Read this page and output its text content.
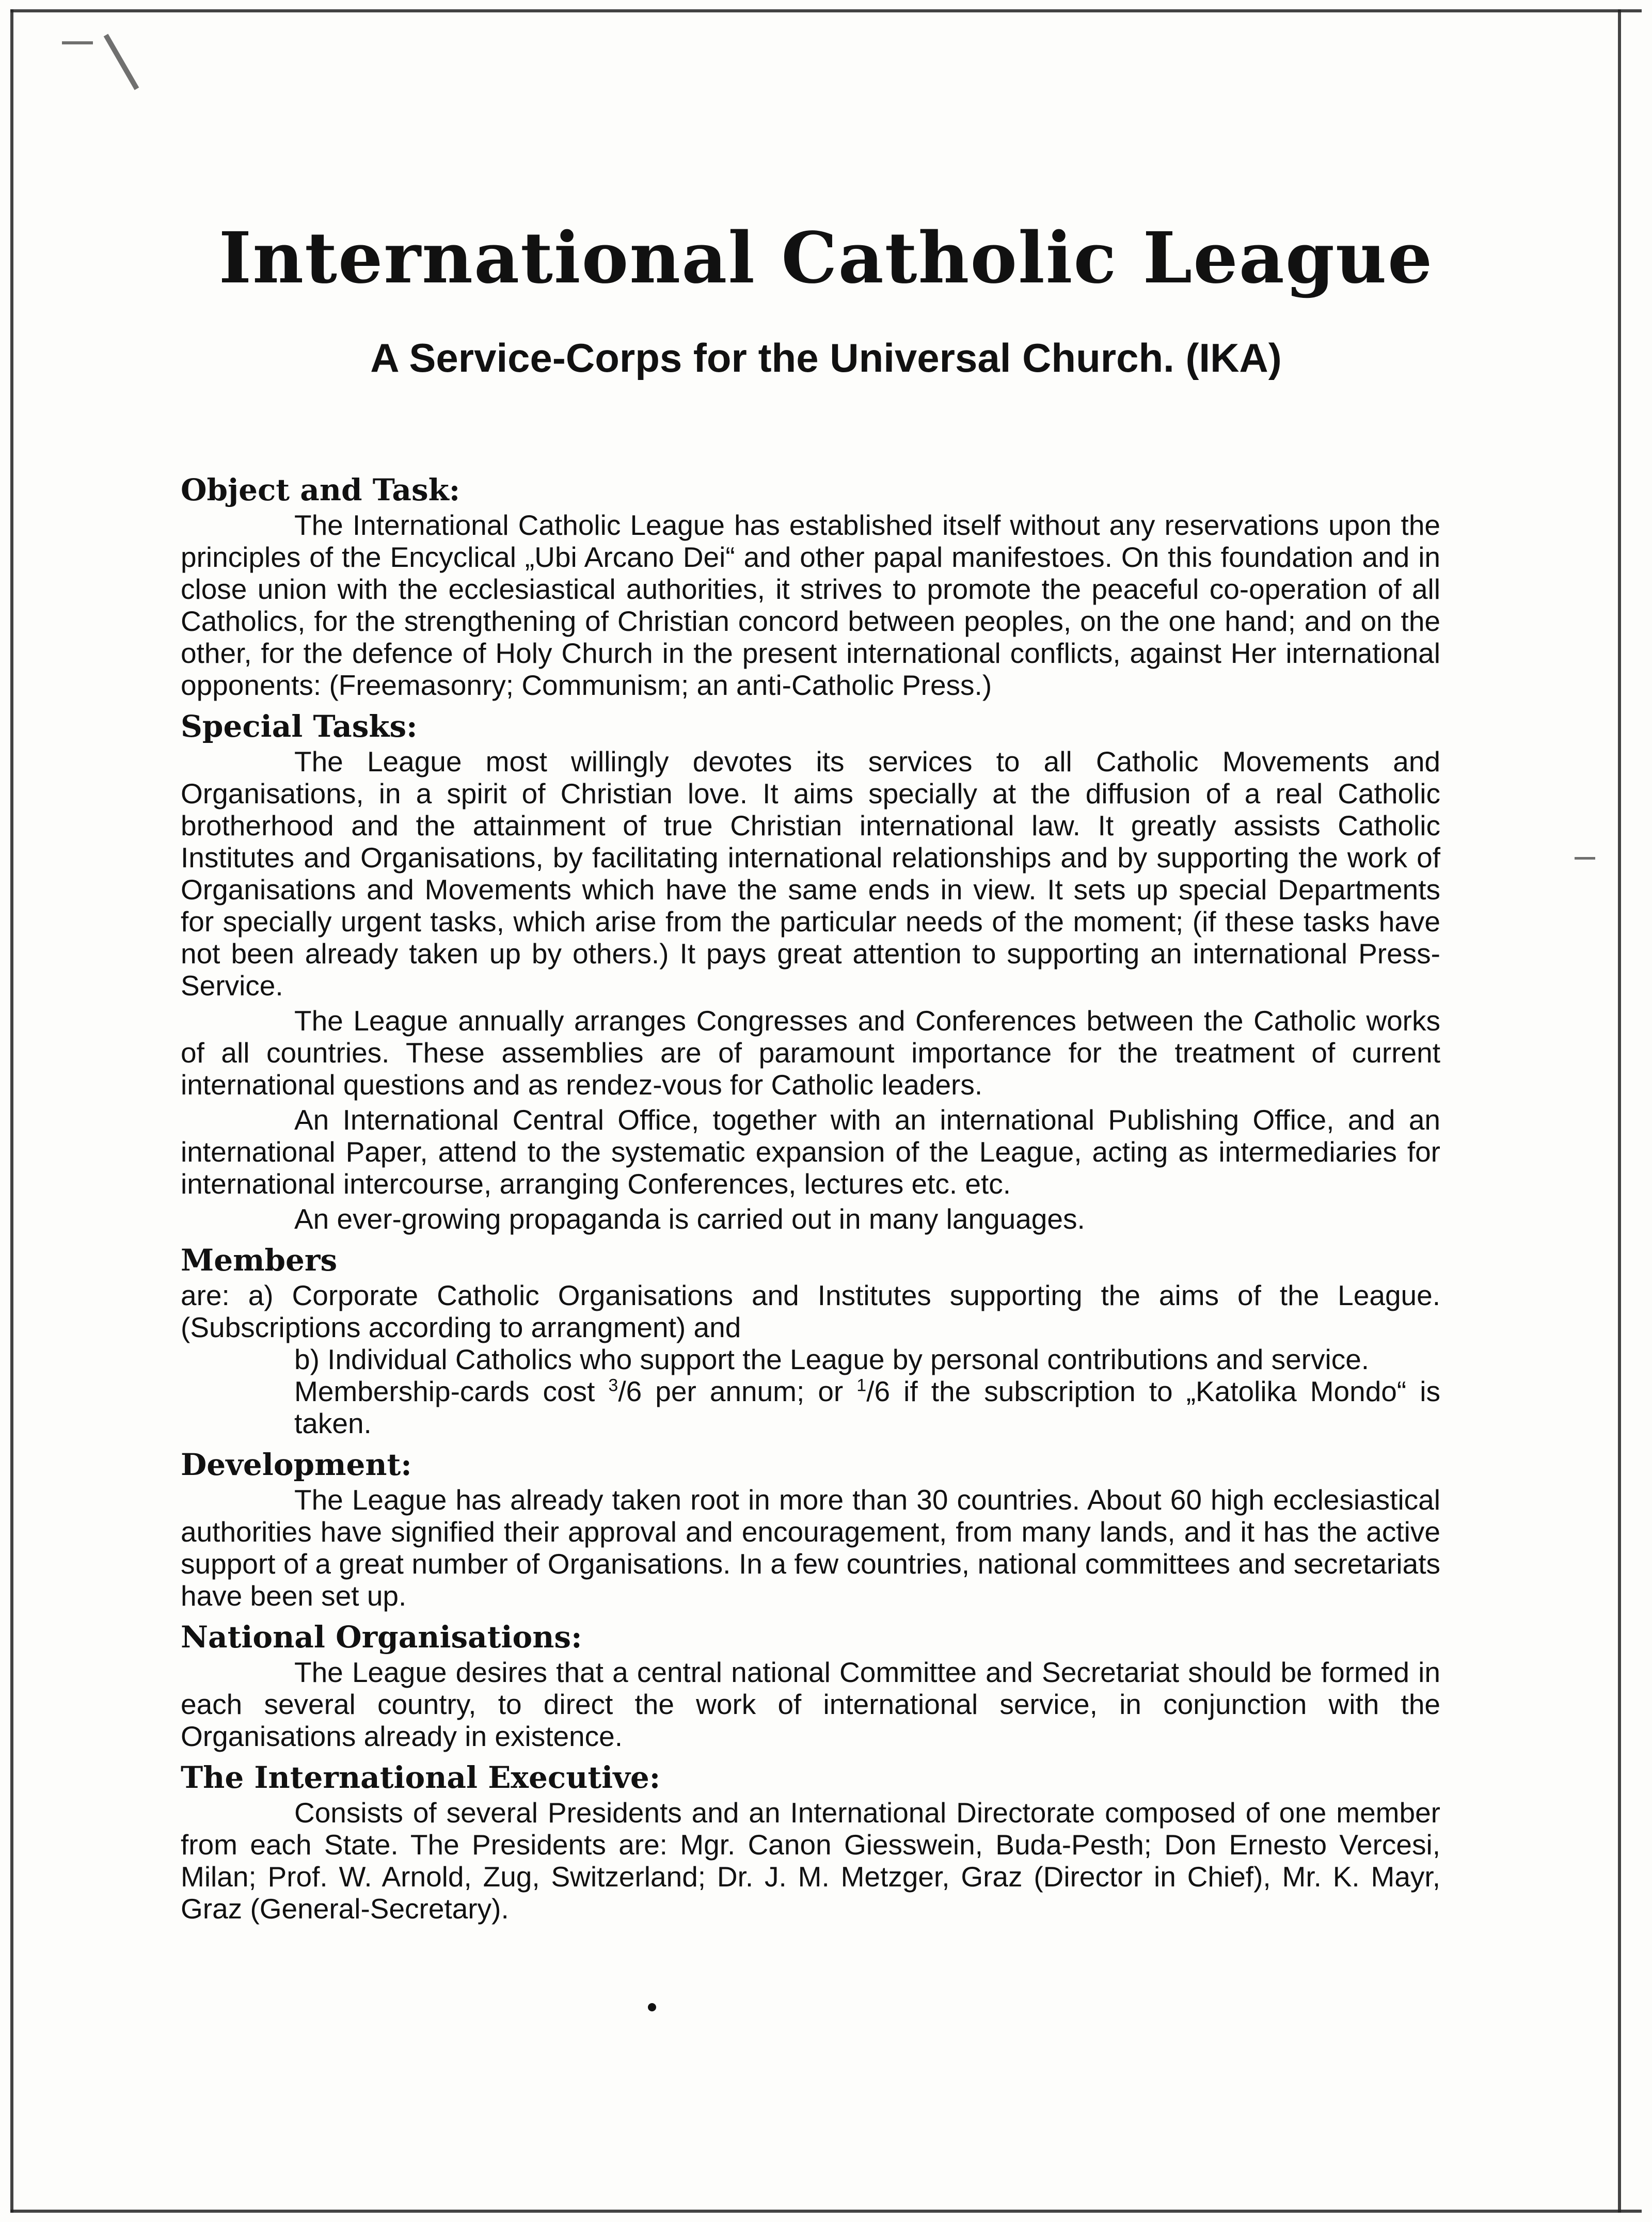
International Catholic League
A Service-Corps for the Universal Church. (IKA)
Object and Task:

The International Catholic League has established itself without any reservations upon the principles of the Encyclical „Ubi Arcano Dei“ and other papal manifestoes. On this foundation and in close union with the ecclesiastical authorities, it strives to promote the peaceful co-operation of all Catholics, for the strengthening of Christian concord between peoples, on the one hand; and on the other, for the defence of Holy Church in the present international conflicts, against Her international opponents: (Freemasonry; Communism; an anti-Catholic Press.)

Special Tasks:

The League most willingly devotes its services to all Catholic Movements and Organisations, in a spirit of Christian love. It aims specially at the diffusion of a real Catholic brotherhood and the attainment of true Christian international law. It greatly assists Catholic Institutes and Organisations, by facilitating international relationships and by supporting the work of Organisations and Movements which have the same ends in view. It sets up special Departments for specially urgent tasks, which arise from the particular needs of the moment; (if these tasks have not been already taken up by others.) It pays great attention to supporting an international Press-Service.

The League annually arranges Congresses and Conferences between the Catholic works of all countries. These assemblies are of paramount importance for the treatment of current international questions and as rendez-vous for Catholic leaders.

An International Central Office, together with an international Publishing Office, and an international Paper, attend to the systematic expansion of the League, acting as intermediaries for international intercourse, arranging Conferences, lectures etc. etc.

An ever-growing propaganda is carried out in many languages.

Members

are: a) Corporate Catholic Organisations and Institutes supporting the aims of the League. (Subscriptions according to arrangment) and

b) Individual Catholics who support the League by personal contributions and service.

Membership-cards cost $^3$/6 per annum; or $^1$/6 if the subscription to „Katolika Mondo“ is taken.

Development:

The League has already taken root in more than 30 countries. About 60 high ecclesiastical authorities have signified their approval and encouragement, from many lands, and it has the active support of a great number of Organisations. In a few countries, national committees and secretariats have been set up.

National Organisations:

The League desires that a central national Committee and Secretariat should be formed in each several country, to direct the work of international service, in conjunction with the Organisations already in existence.

The International Executive:

Consists of several Presidents and an International Directorate composed of one member from each State. The Presidents are: Mgr. Canon Giesswein, Buda-Pesth; Don Ernesto Vercesi, Milan; Prof. W. Arnold, Zug, Switzerland; Dr. J. M. Metzger, Graz (Director in Chief), Mr. K. Mayr, Graz (General-Secretary).
